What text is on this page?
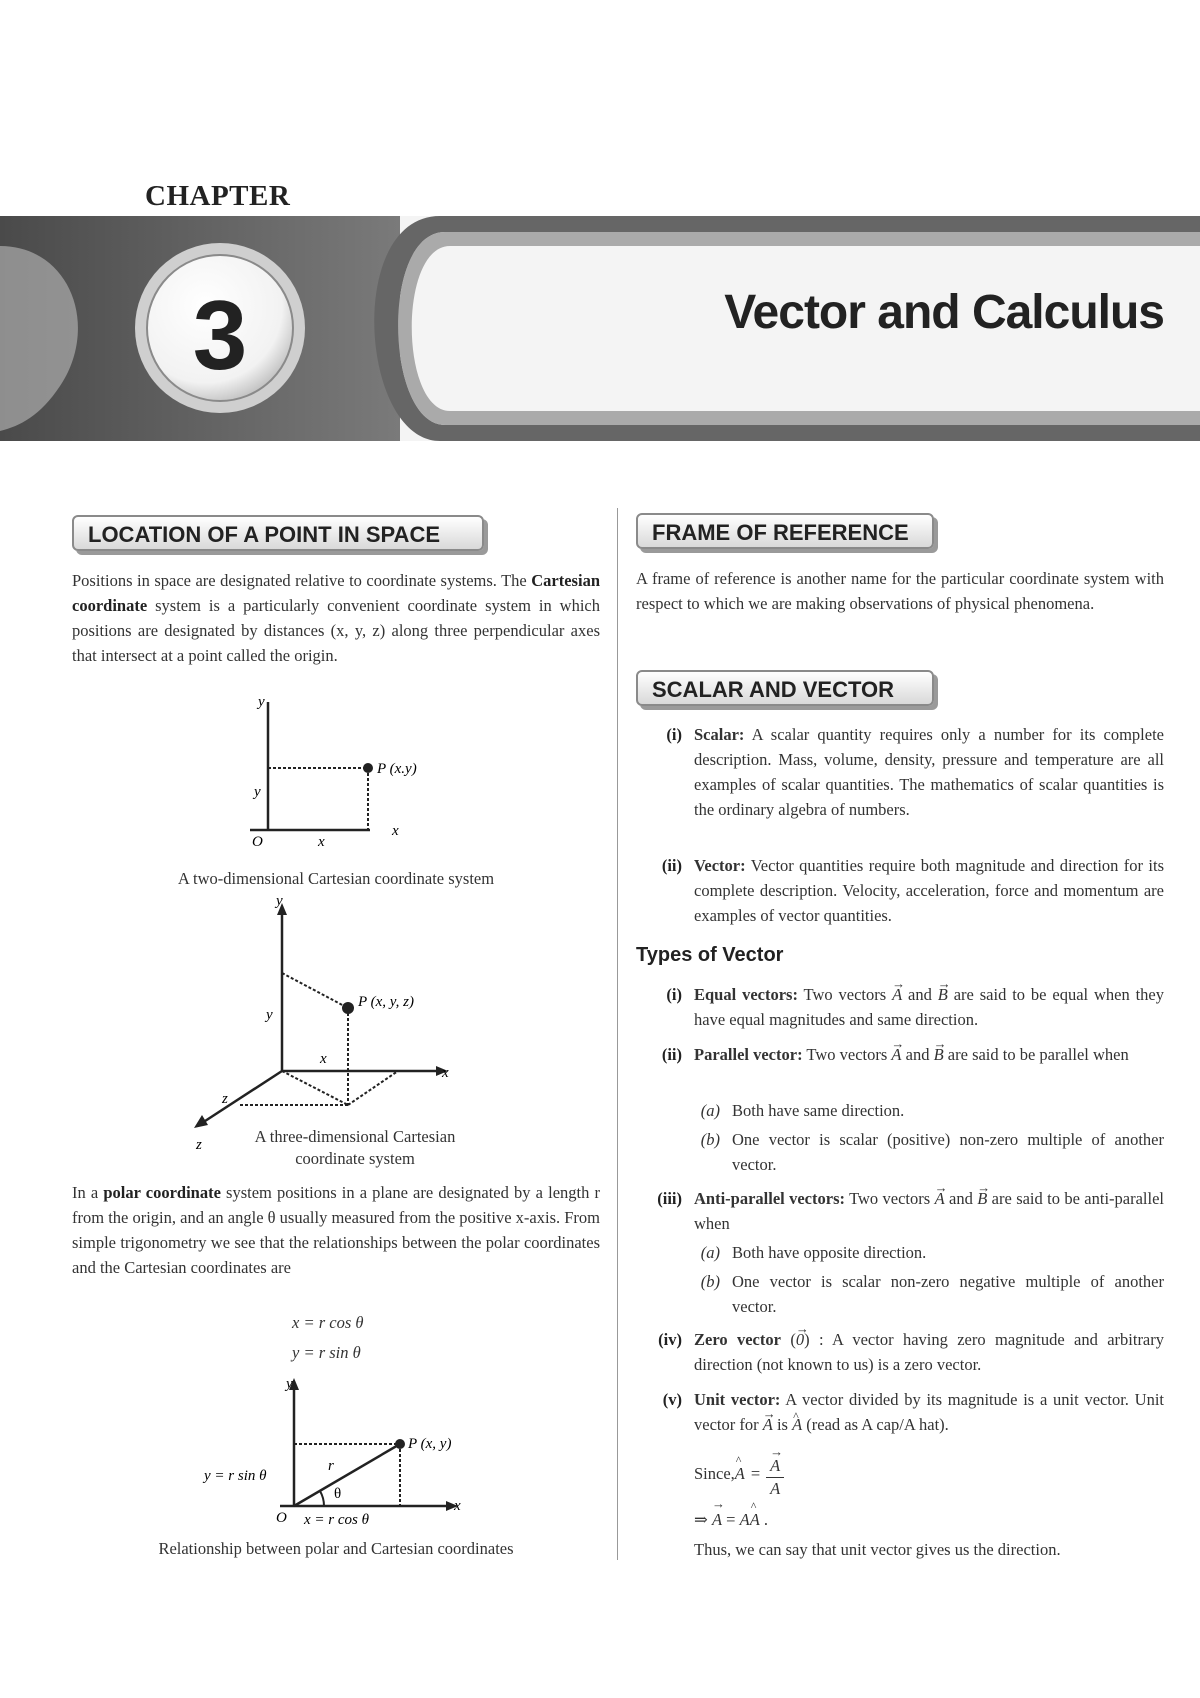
CHAPTER
3	Vector and Calculus
LOCATION OF A POINT IN SPACE
Positions in space are designated relative to coordinate systems. The Cartesian coordinate system is a particularly convenient coordinate system in which positions are designated by distances (x, y, z) along three perpendicular axes that intersect at a point called the origin.
y
x
O
P (x.y)
y
x
A two-dimensional Cartesian coordinate system
y
x
z
P (x, y, z)
y
x
z
A three-dimensional Cartesian
coordinate system
In a polar coordinate system positions in a plane are designated by a length r from the origin, and an angle θ usually measured from the positive x-axis. From simple trigonometry we see that the relationships between the polar coordinates and the Cartesian coordinates are
x = r cos θ
y = r sin θ
y
x
O
P (x, y)
r
θ
y = r sin θ
x = r cos θ
Relationship between polar and Cartesian coordinates
FRAME OF REFERENCE
A frame of reference is another name for the particular coordinate system with respect to which we are making observations of physical phenomena.
SCALAR AND VECTOR
(i) Scalar: A scalar quantity requires only a number for its complete description. Mass, volume, density, pressure and temperature are all examples of scalar quantities. The mathematics of scalar quantities is the ordinary algebra of numbers.
(ii) Vector: Vector quantities require both magnitude and direction for its complete description. Velocity, acceleration, force and momentum are examples of vector quantities.
Types of Vector
(i) Equal vectors: Two vectors → A and → B are said to be equal when they have equal magnitudes and same direction.
(ii) Parallel vector: Two vectors → A and → B are said to be parallel when
(a) Both have same direction.
(b) One vector is scalar (positive) non-zero multiple of another vector.
(iii) Anti-parallel vectors: Two vectors → A and → B are said to be anti-parallel when
(a) Both have opposite direction.
(b) One vector is scalar non-zero negative multiple of another vector.
(iv) Zero vector (→ 0) : A vector having zero magnitude and arbitrary direction (not known to us) is a zero vector.
(v) Unit vector: A vector divided by its magnitude is a unit vector. Unit vector for → A is ^ A (read as A cap/A hat).
Since, ^ A = → A
A
⇒ → A = A^ A .
Thus, we can say that unit vector gives us the direction.
